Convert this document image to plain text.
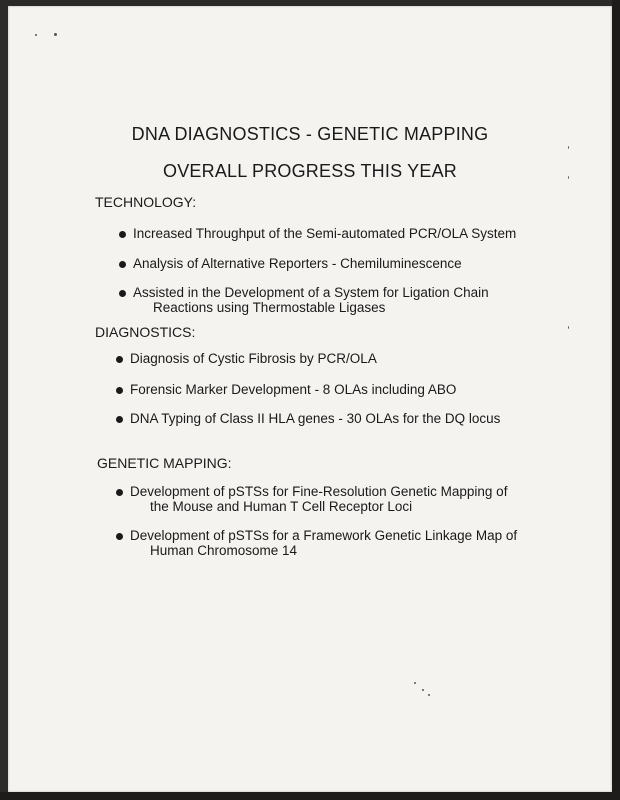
DNA DIAGNOSTICS - GENETIC MAPPING
OVERALL PROGRESS THIS YEAR
TECHNOLOGY:
Increased Throughput of the Semi-automated PCR/OLA System
Analysis of Alternative Reporters - Chemiluminescence
Assisted in the Development of a System for Ligation Chain
Reactions using Thermostable Ligases
DIAGNOSTICS:
Diagnosis of Cystic Fibrosis by PCR/OLA
Forensic Marker Development - 8 OLAs including ABO
DNA Typing of Class II HLA genes - 30 OLAs for the DQ locus
GENETIC MAPPING:
Development of pSTSs for Fine-Resolution Genetic Mapping of
the Mouse and Human T Cell Receptor Loci
Development of pSTSs for a Framework Genetic Linkage Map of
Human Chromosome 14
